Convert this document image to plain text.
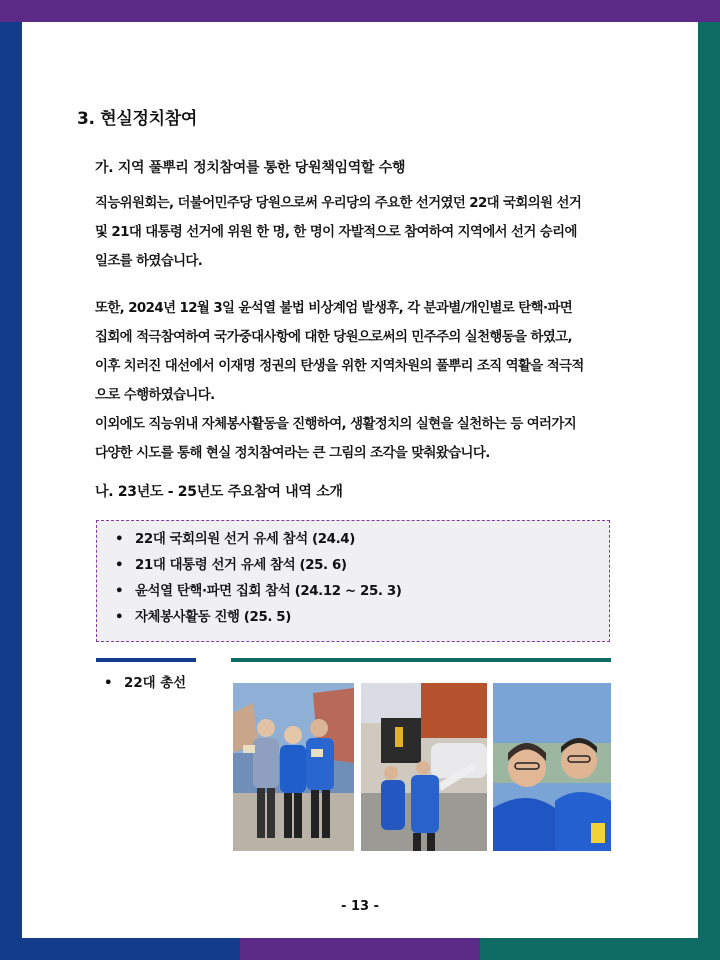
3. 현실정치참여
가. 지역 풀뿌리 정치참여를 통한 당원책임역할 수행
직능위원회는, 더불어민주당 당원으로써 우리당의 주요한 선거였던 22대 국회의원 선거
및 21대 대통령 선거에 위원 한 명, 한 명이 자발적으로 참여하여 지역에서 선거 승리에
일조를 하였습니다.
또한, 2024년 12월 3일 윤석열 불법 비상계엄 발생후, 각 분과별/개인별로 탄핵·파면
집회에 적극참여하여 국가중대사항에 대한 당원으로써의 민주주의 실천행동을 하였고,
이후 치러진 대선에서 이재명 정권의 탄생을 위한 지역차원의 풀뿌리 조직 역활을 적극적
으로 수행하였습니다.
이외에도 직능위내 자체봉사활동을 진행하여, 생활정치의 실현을 실천하는 등 여러가지
다양한 시도를 통해 현실 정치참여라는 큰 그림의 조각을 맞춰왔습니다.
나. 23년도 - 25년도 주요참여 내역 소개
• 22대 국회의원 선거 유세 참석 (24.4)
• 21대 대통령 선거 유세 참석 (25. 6)
• 윤석열 탄핵·파면 집회 참석 (24.12 ~ 25. 3)
• 자체봉사활동 진행 (25. 5)
• 22대 총선
- 13 -
